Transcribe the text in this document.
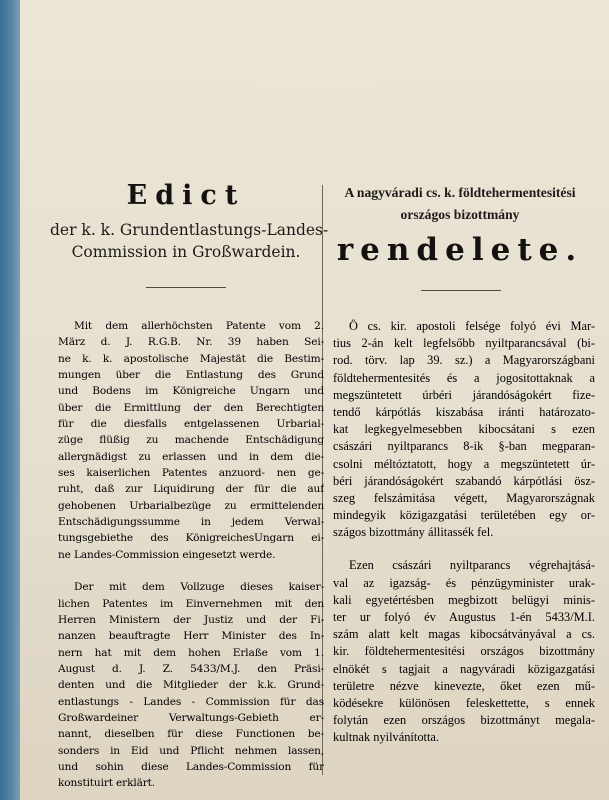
Edict

der k. k. Grundentlastungs-Landes-

Commission in Großwardein.

A nagyváradi cs. k. földtehermentesitési

országos bizottmány

rendelete.
Mit dem allerhöchsten Patente vom 2.
März d. J. R.G.B. Nr. 39 haben Sei-
ne k. k. apostolische Majestät die Bestim-
mungen über die Entlastung des Grund
und Bodens im Königreiche Ungarn und
über die Ermittlung der den Berechtigten
für die diesfalls entgelassenen Urbarial-
züge flüßig zu machende Entschädigung
allergnädigst zu erlassen und in dem die-
ses kaiserlichen Patentes anzuord- nen ge-
ruht, daß zur Liquidirung der für die auf
gehobenen Urbarialbezüge zu ermittelenden
Entschädigungssumme in jedem Verwal-
tungsgebiethe des KönigreichesUngarn ei-
ne Landes-Commission eingesetzt werde.
Der mit dem Vollzuge dieses kaiser-
lichen Patentes im Einvernehmen mit den
Herren Ministern der Justiz und der Fi-
nanzen beauftragte Herr Minister des In-
nern hat mit dem hohen Erlaße vom 1.
August d. J. Z. 5433/M.J. den Präsi-
denten und die Mitglieder der k.k. Grund-
entlastungs - Landes - Commission für das
Großwardeiner Verwaltungs-Gebieth er-
nannt, dieselben für diese Functionen be-
sonders in Eid und Pflicht nehmen lassen,
und sohin diese Landes-Commission für
konstituirt erklärt.
Ö cs. kir. apostoli felsége folyó évi Mar-
tius 2-án kelt legfelsőbb nyiltparancsával (bi-
rod. törv. lap 39. sz.) a Magyarországbani
földtehermentesités és a jogositottaknak a
megszüntetett úrbéri járandóságokért fize-
tendő kárpótlás kiszabása iránti határozato-
kat legkegyelmesebben kibocsátani s ezen
császári nyiltparancs 8-ik §-ban megparan-
csolni méltóztatott, hogy a megszüntetett úr-
béri járandóságokért szabandó kárpótlási ösz-
szeg felszámitása végett, Magyarországnak
mindegyik közigazgatási területében egy or-
szágos bizottmány állitassék fel.
Ezen császári nyiltparancs végrehajtásá-
val az igazság- és pénzügyminister urak-
kali egyetértésben megbizott belügyi minis-
ter ur folyó év Augustus 1-én 5433/M.I.
szám alatt kelt magas kibocsátványával a cs.
kir. földtehermentesitési országos bizottmány
elnökét s tagjait a nagyváradi közigazgatási
területre nézve kinevezte, őket ezen mű-
ködésekre különösen feleskettette, s ennek
folytán ezen országos bizottmányt megala-
kultnak nyilvánította.
